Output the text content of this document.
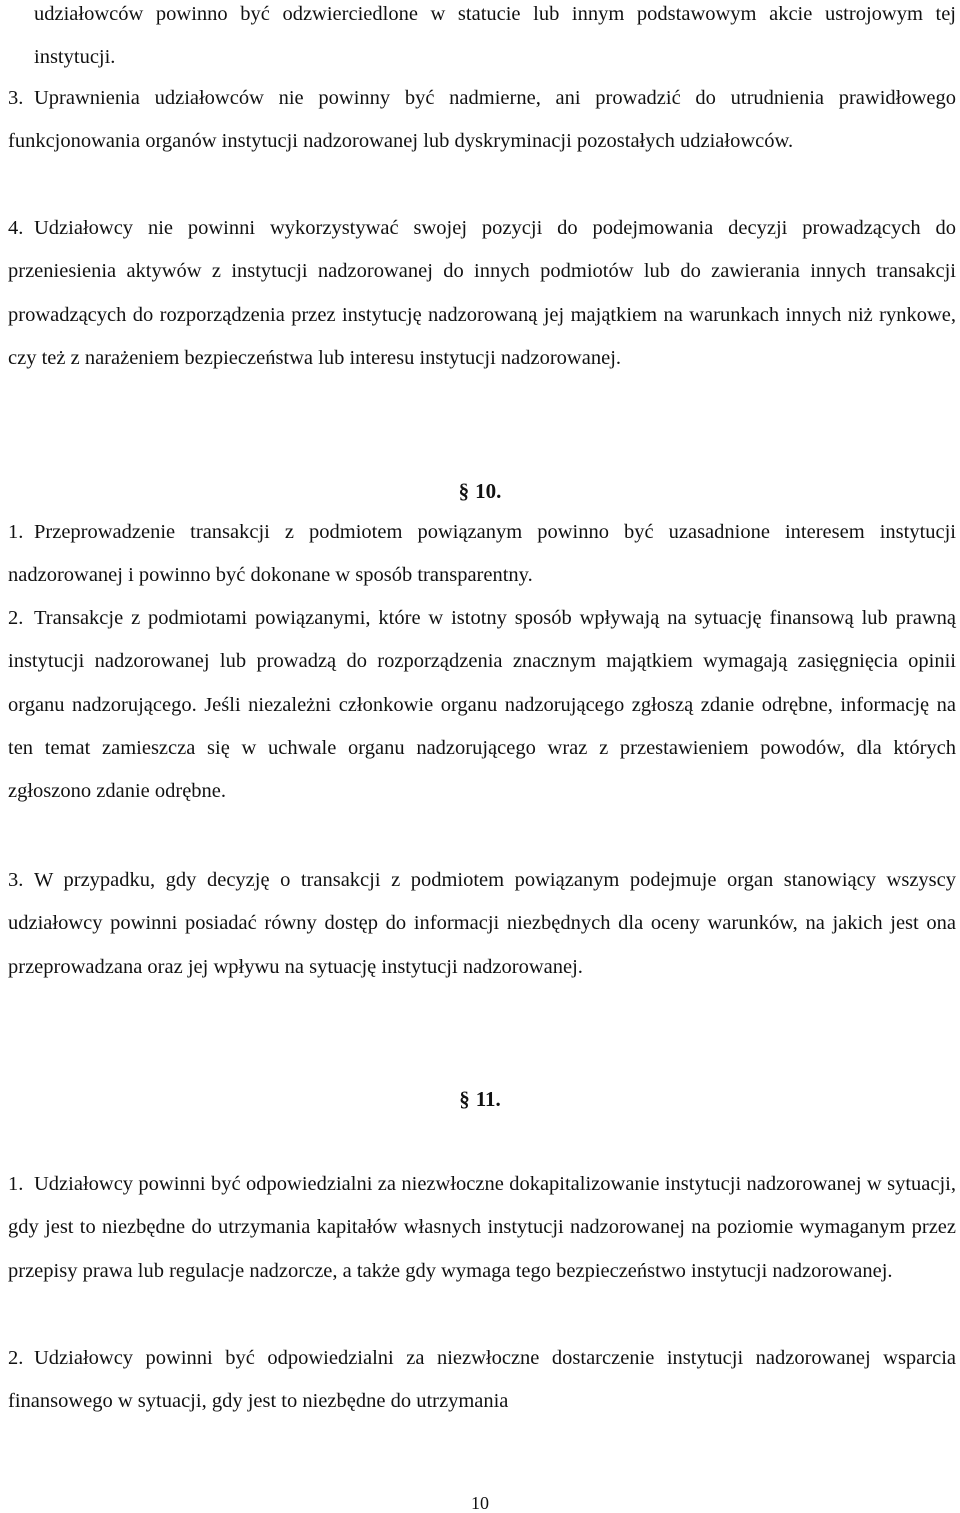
udziałowców powinno być odzwierciedlone w statucie lub innym podstawowym akcie ustrojowym tej instytucji.

3. Uprawnienia udziałowców nie powinny być nadmierne, ani prowadzić do utrudnienia prawidłowego funkcjonowania organów instytucji nadzorowanej lub dyskryminacji pozostałych udziałowców.

4. Udziałowcy nie powinni wykorzystywać swojej pozycji do podejmowania decyzji prowadzących do przeniesienia aktywów z instytucji nadzorowanej do innych podmiotów lub do zawierania innych transakcji prowadzących do rozporządzenia przez instytucję nadzorowaną jej majątkiem na warunkach innych niż rynkowe, czy też z narażeniem bezpieczeństwa lub interesu instytucji nadzorowanej.

§ 10.

1. Przeprowadzenie transakcji z podmiotem powiązanym powinno być uzasadnione interesem instytucji nadzorowanej i powinno być dokonane w sposób transparentny.

2. Transakcje z podmiotami powiązanymi, które w istotny sposób wpływają na sytuację finansową lub prawną instytucji nadzorowanej lub prowadzą do rozporządzenia znacznym majątkiem wymagają zasięgnięcia opinii organu nadzorującego. Jeśli niezależni członkowie organu nadzorującego zgłoszą zdanie odrębne, informację na ten temat zamieszcza się w uchwale organu nadzorującego wraz z przestawieniem powodów, dla których zgłoszono zdanie odrębne.

3. W przypadku, gdy decyzję o transakcji z podmiotem powiązanym podejmuje organ stanowiący wszyscy udziałowcy powinni posiadać równy dostęp do informacji niezbędnych dla oceny warunków, na jakich jest ona przeprowadzana oraz jej wpływu na sytuację instytucji nadzorowanej.

§ 11.

1. Udziałowcy powinni być odpowiedzialni za niezwłoczne dokapitalizowanie instytucji nadzorowanej w sytuacji, gdy jest to niezbędne do utrzymania kapitałów własnych instytucji nadzorowanej na poziomie wymaganym przez przepisy prawa lub regulacje nadzorcze, a także gdy wymaga tego bezpieczeństwo instytucji nadzorowanej.

2. Udziałowcy powinni być odpowiedzialni za niezwłoczne dostarczenie instytucji nadzorowanej wsparcia finansowego w sytuacji, gdy jest to niezbędne do utrzymania

10
